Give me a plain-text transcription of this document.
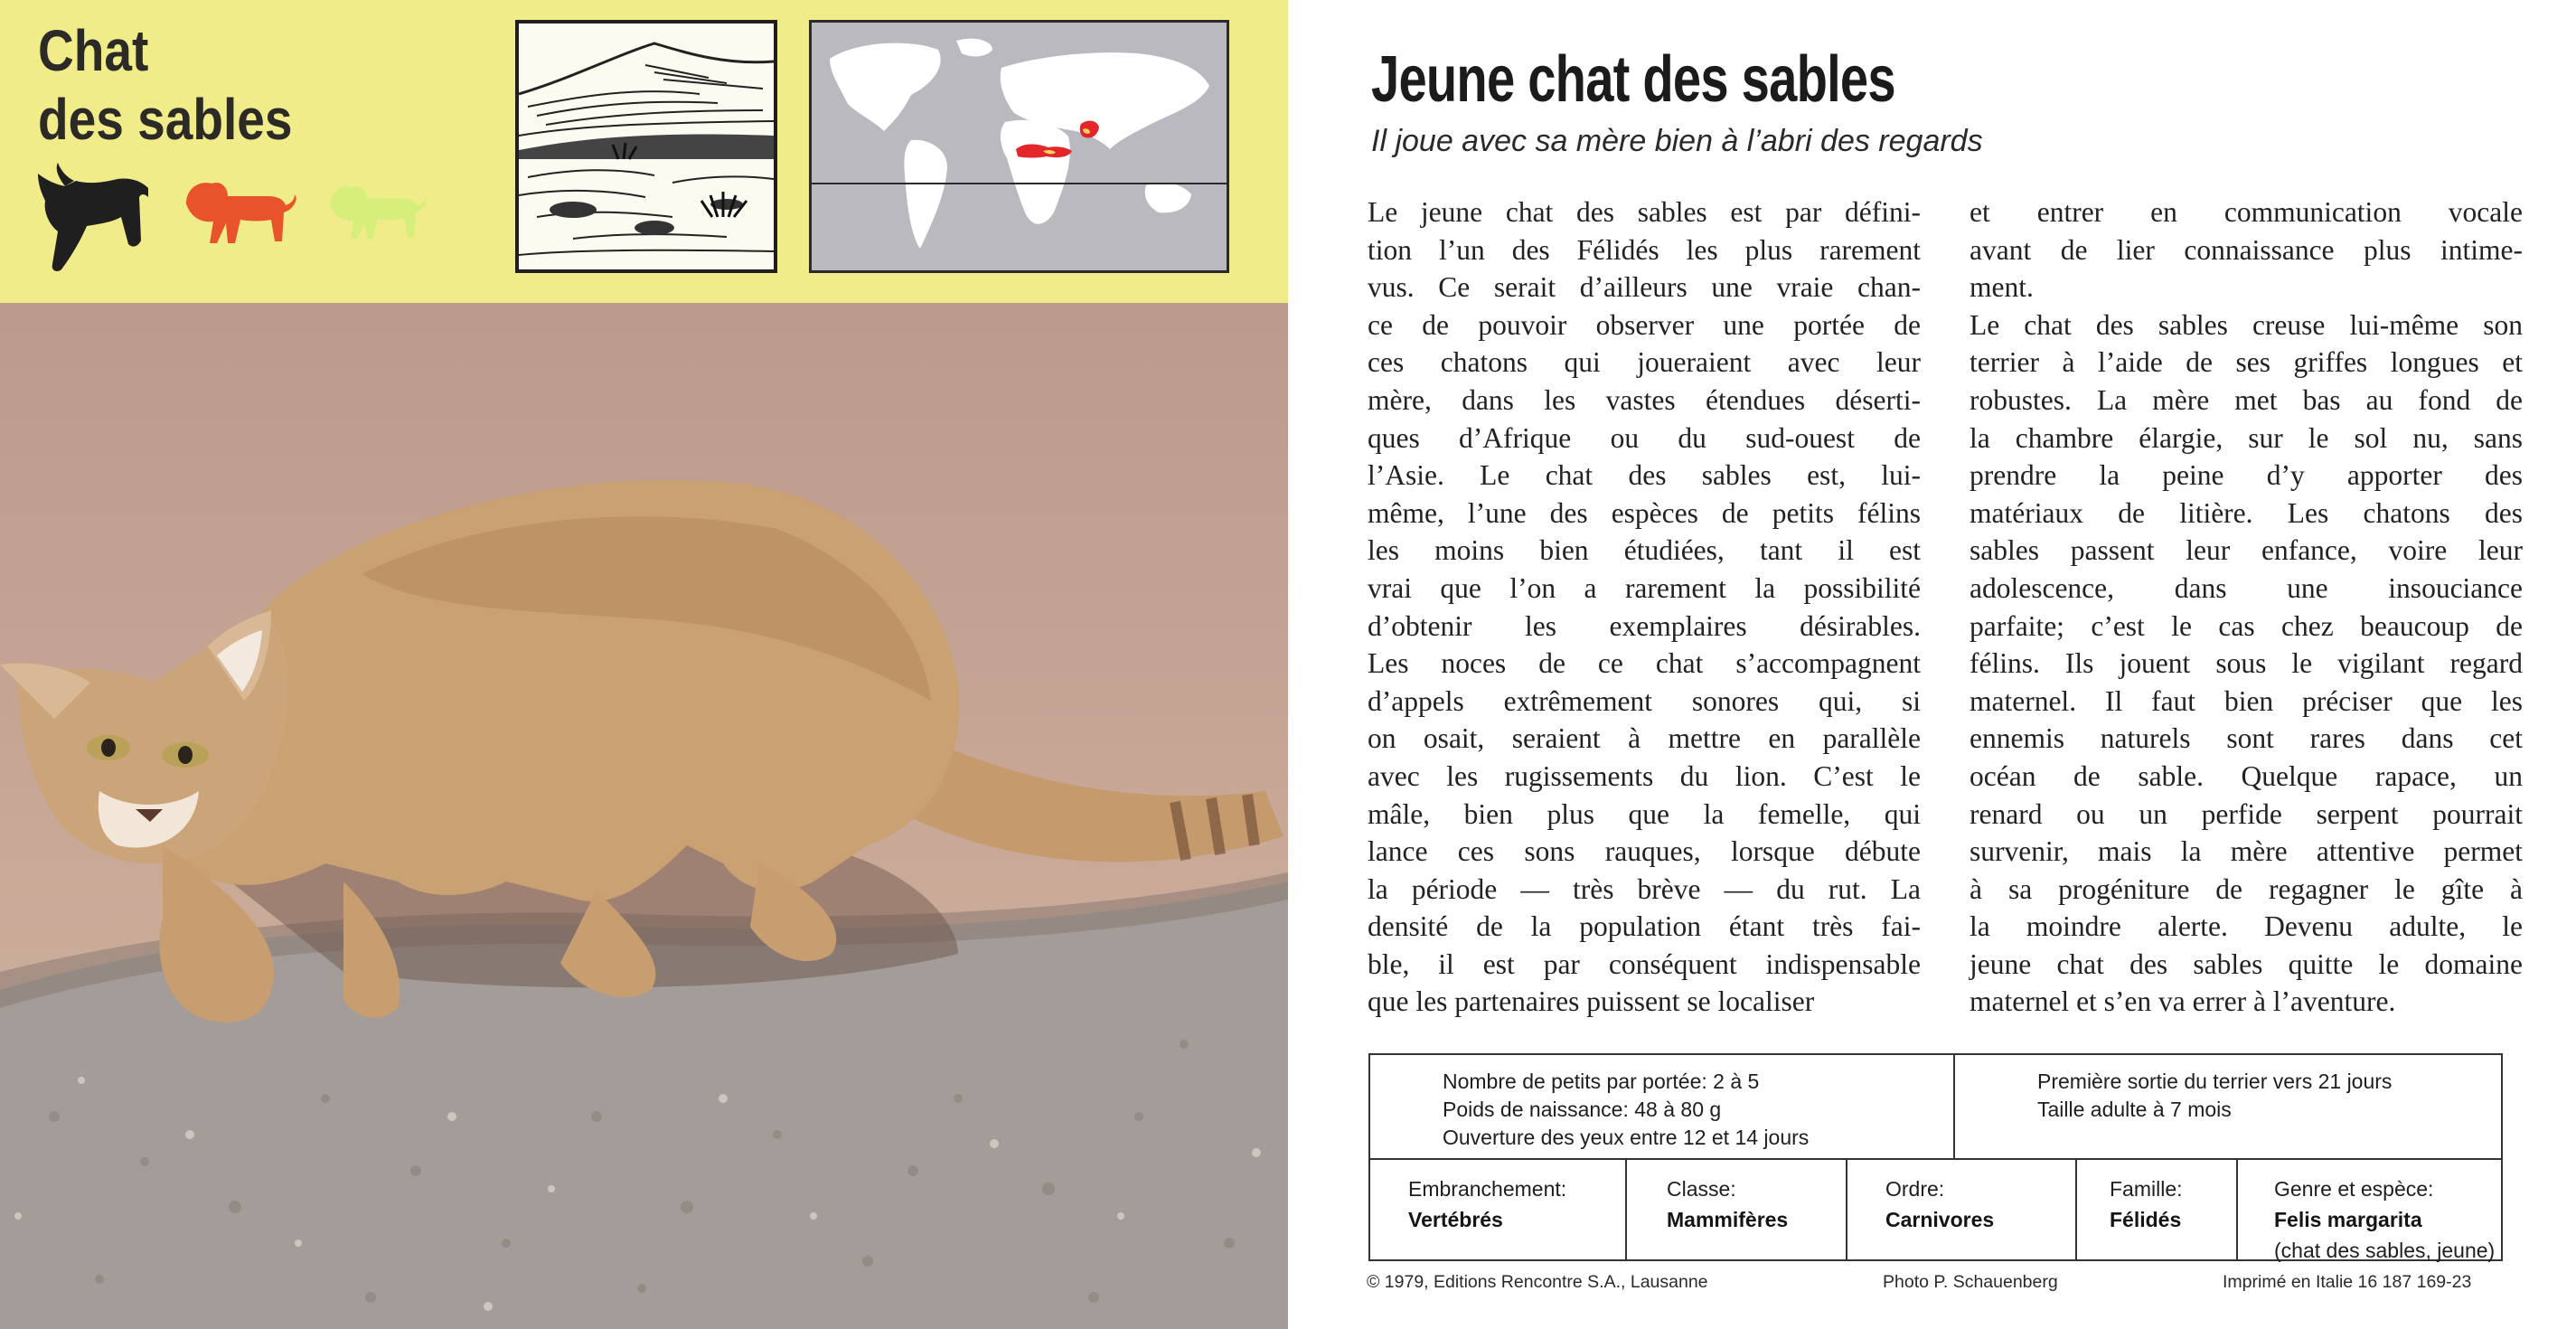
Chat
des sables
Jeune chat des sables

Il joue avec sa mère bien à l’abri des regards

Le jeune chat des sables est par défini-

tion l’un des Félidés les plus rarement

vus. Ce serait d’ailleurs une vraie chan-

ce de pouvoir observer une portée de

ces chatons qui joueraient avec leur

mère, dans les vastes étendues déserti-

ques d’Afrique ou du sud-ouest de

l’Asie. Le chat des sables est, lui-

même, l’une des espèces de petits félins

les moins bien étudiées, tant il est

vrai que l’on a rarement la possibilité

d’obtenir les exemplaires désirables.

Les noces de ce chat s’accompagnent

d’appels extrêmement sonores qui, si

on osait, seraient à mettre en parallèle

avec les rugissements du lion. C’est le

mâle, bien plus que la femelle, qui

lance ces sons rauques, lorsque débute

la période — très brève — du rut. La

densité de la population étant très fai-

ble, il est par conséquent indispensable

que les partenaires puissent se localiser

et entrer en communication vocale

avant de lier connaissance plus intime-

ment.

Le chat des sables creuse lui-même son

terrier à l’aide de ses griffes longues et

robustes. La mère met bas au fond de

la chambre élargie, sur le sol nu, sans

prendre la peine d’y apporter des

matériaux de litière. Les chatons des

sables passent leur enfance, voire leur

adolescence, dans une insouciance

parfaite; c’est le cas chez beaucoup de

félins. Ils jouent sous le vigilant regard

maternel. Il faut bien préciser que les

ennemis naturels sont rares dans cet

océan de sable. Quelque rapace, un

renard ou un perfide serpent pourrait

survenir, mais la mère attentive permet

à sa progéniture de regagner le gîte à

la moindre alerte. Devenu adulte, le

jeune chat des sables quitte le domaine

maternel et s’en va errer à l’aventure.

Nombre de petits par portée: 2 à 5
Poids de naissance: 48 à 80 g
Ouverture des yeux entre 12 et 14 jours
Première sortie du terrier vers 21 jours
Taille adulte à 7 mois
Embranchement:
Vertébrés
Classe:
Mammifères
Ordre:
Carnivores
Famille:
Félidés
Genre et espèce:
Felis margarita
(chat des sables, jeune)
© 1979, Editions Rencontre S.A., Lausanne	Photo P. Schauenberg	Imprimé en Italie 16 187 169-23
